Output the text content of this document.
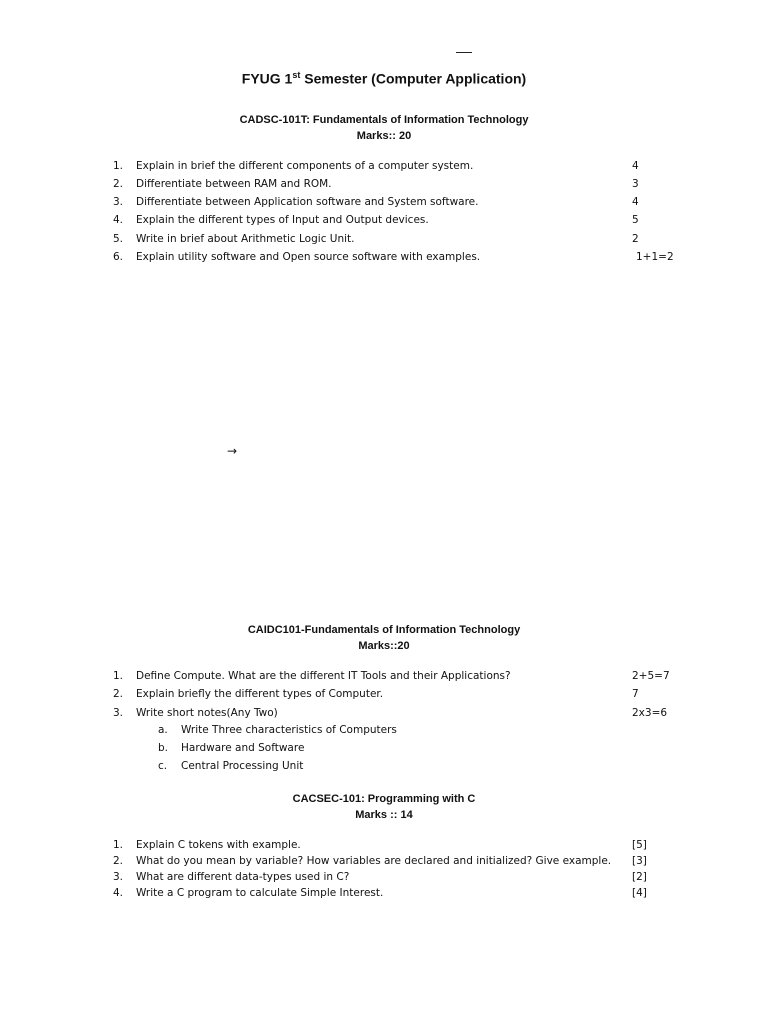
FYUG 1st Semester (Computer Application)
CADSC-101T: Fundamentals of Information Technology
Marks:: 20
1. Explain in brief the different components of a computer system.	4
2. Differentiate between RAM and ROM.	3
3. Differentiate between Application software and System software.	4
4. Explain the different types of Input and Output devices.	5
5. Write in brief about Arithmetic Logic Unit.	2
6. Explain utility software and Open source software with examples.	1+1=2
→
CAIDC101-Fundamentals of Information Technology
Marks::20
1. Define Compute. What are the different IT Tools and their Applications?	2+5=7
2. Explain briefly the different types of Computer.	7
3. Write short notes(Any Two)	2x3=6
a. Write Three characteristics of Computers
b. Hardware and Software
c. Central Processing Unit
CACSEC-101: Programming with C
Marks :: 14
1. Explain C tokens with example.	[5]
2. What do you mean by variable? How variables are declared and initialized? Give example. [3]
3. What are different data-types used in C?	[2]
4. Write a C program to calculate Simple Interest.	[4]
